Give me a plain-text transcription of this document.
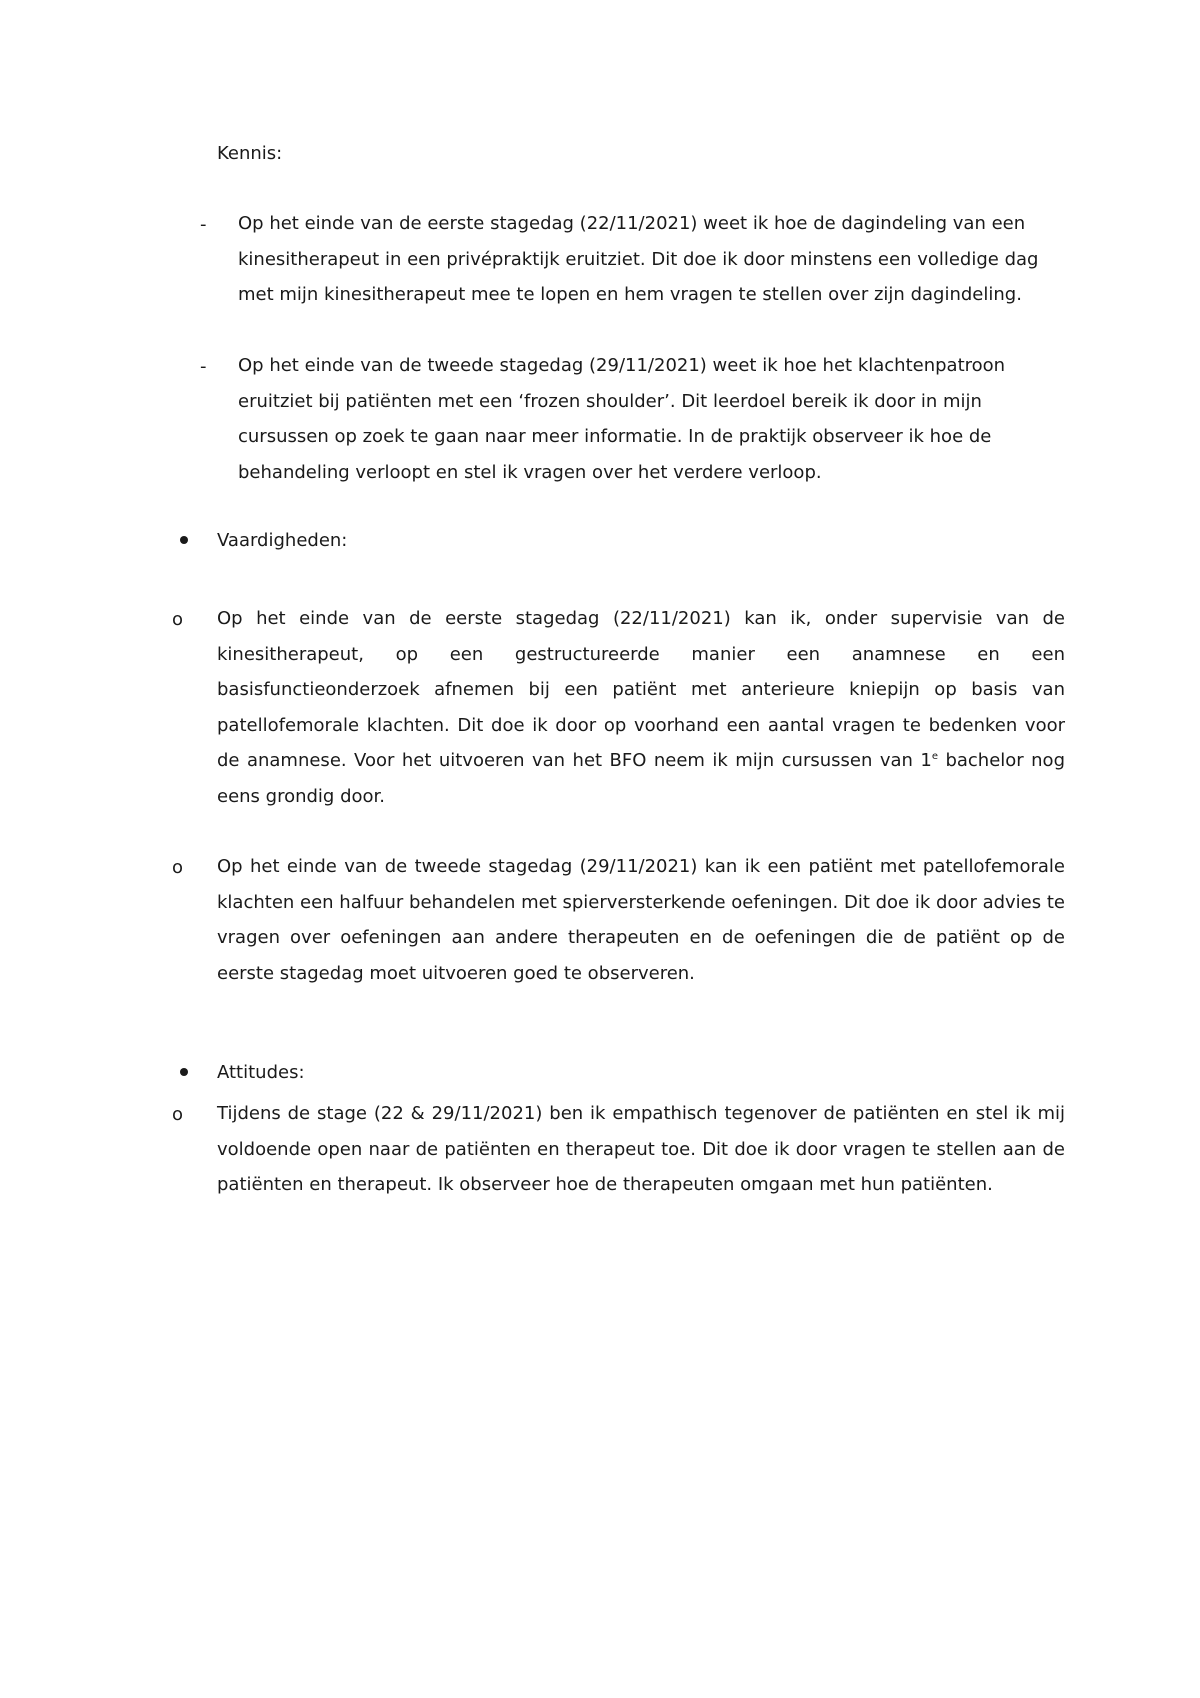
Kennis:
- Op het einde van de eerste stagedag (22/11/2021) weet ik hoe de dagindeling van een kinesitherapeut in een privépraktijk eruitziet. Dit doe ik door minstens een volledige dag met mijn kinesitherapeut mee te lopen en hem vragen te stellen over zijn dagindeling.
- Op het einde van de tweede stagedag (29/11/2021) weet ik hoe het klachtenpatroon eruitziet bij patiënten met een ‘frozen shoulder’. Dit leerdoel bereik ik door in mijn cursussen op zoek te gaan naar meer informatie. In de praktijk observeer ik hoe de behandeling verloopt en stel ik vragen over het verdere verloop.
Vaardigheden:
o Op het einde van de eerste stagedag (22/11/2021) kan ik, onder supervisie van de kinesitherapeut, op een gestructureerde manier een anamnese en een basisfunctieonderzoek afnemen bij een patiënt met anterieure kniepijn op basis van patellofemorale klachten. Dit doe ik door op voorhand een aantal vragen te bedenken voor de anamnese. Voor het uitvoeren van het BFO neem ik mijn cursussen van 1e bachelor nog eens grondig door.
o Op het einde van de tweede stagedag (29/11/2021) kan ik een patiënt met patellofemorale klachten een halfuur behandelen met spierversterkende oefeningen. Dit doe ik door advies te vragen over oefeningen aan andere therapeuten en de oefeningen die de patiënt op de eerste stagedag moet uitvoeren goed te observeren.
Attitudes:
o Tijdens de stage (22 & 29/11/2021) ben ik empathisch tegenover de patiënten en stel ik mij voldoende open naar de patiënten en therapeut toe. Dit doe ik door vragen te stellen aan de patiënten en therapeut. Ik observeer hoe de therapeuten omgaan met hun patiënten.
